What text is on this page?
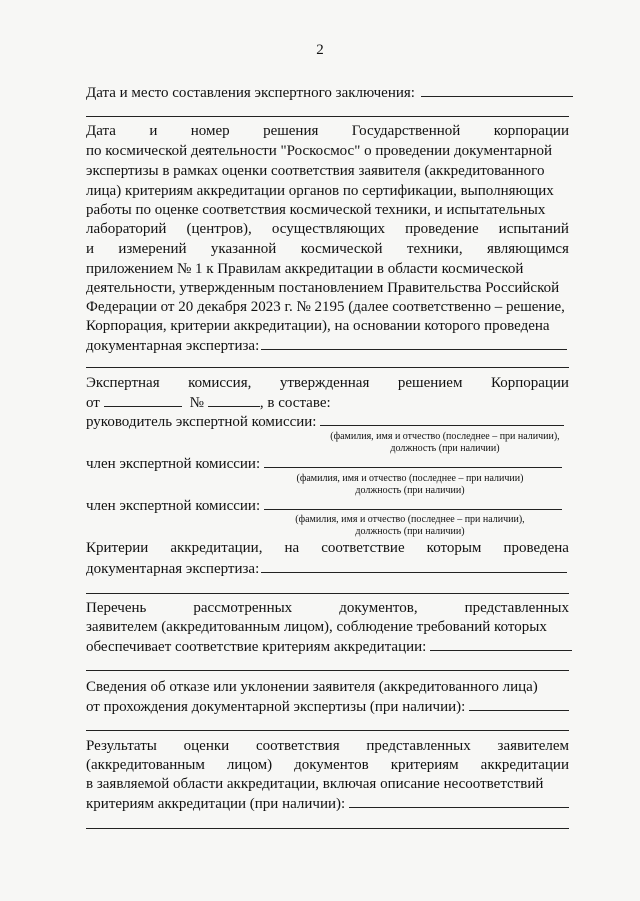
2
Дата и место составления экспертного заключения:
Дата и номер решения Государственной корпорации
по космической деятельности "Роскосмос" о проведении документарной
экспертизы в рамках оценки соответствия заявителя (аккредитованного
лица) критериям аккредитации органов по сертификации, выполняющих
работы по оценке соответствия космической техники, и испытательных
лабораторий (центров), осуществляющих проведение испытаний
и измерений указанной космической техники, являющимся
приложением № 1 к Правилам аккредитации в области космической
деятельности, утвержденным постановлением Правительства Российской
Федерации от 20 декабря 2023 г. № 2195 (далее соответственно – решение,
Корпорация, критерии аккредитации), на основании которого проведена
документарная экспертиза:
Экспертная комиссия, утвержденная решением Корпорации
от	№	, в составе:
руководитель экспертной комиссии:
(фамилия, имя и отчество (последнее – при наличии),
должность (при наличии)
член экспертной комиссии:
(фамилия, имя и отчество (последнее – при наличии)
должность (при наличии)
член экспертной комиссии:
(фамилия, имя и отчество (последнее – при наличии),
должность (при наличии)
Критерии аккредитации, на соответствие которым проведена
документарная экспертиза:
Перечень	рассмотренных	документов,	представленных
заявителем (аккредитованным лицом), соблюдение требований которых
обеспечивает соответствие критериям аккредитации:
Сведения об отказе или уклонении заявителя (аккредитованного лица)
от прохождения документарной экспертизы (при наличии):
Результаты оценки соответствия представленных заявителем
(аккредитованным лицом) документов критериям аккредитации
в заявляемой области аккредитации, включая описание несоответствий
критериям аккредитации (при наличии):
